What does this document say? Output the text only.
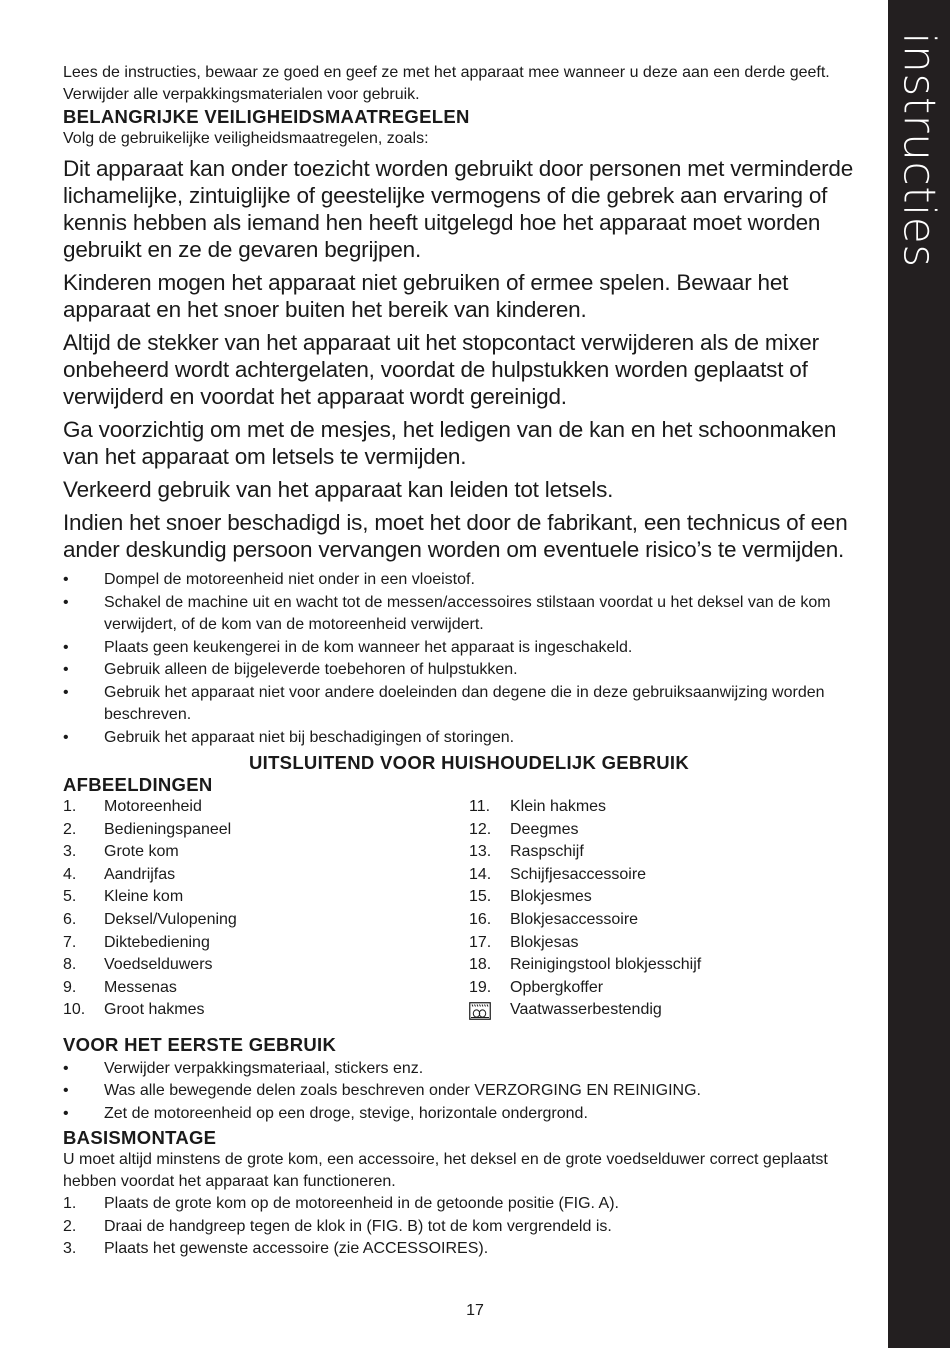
instructies

Lees de instructies, bewaar ze goed en geef ze met het apparaat mee wanneer u deze aan een derde geeft. Verwijder alle verpakkingsmaterialen voor gebruik.

BELANGRIJKE VEILIGHEIDSMAATREGELEN

Volg de gebruikelijke veiligheidsmaatregelen, zoals:

Dit apparaat kan onder toezicht worden gebruikt door personen met verminderde lichamelijke, zintuiglijke of geestelijke vermogens of die gebrek aan ervaring of kennis hebben als iemand hen heeft uitgelegd hoe het apparaat moet worden gebruikt en ze de gevaren begrijpen.

Kinderen mogen het apparaat niet gebruiken of ermee spelen. Bewaar het apparaat en het snoer buiten het bereik van kinderen.

Altijd de stekker van het apparaat uit het stopcontact verwijderen als de mixer onbeheerd wordt achtergelaten, voordat de hulpstukken worden geplaatst of verwijderd en voordat het apparaat wordt gereinigd.

Ga voorzichtig om met de mesjes, het ledigen van de kan en het schoonmaken van het apparaat om letsels te vermijden.

Verkeerd gebruik van het apparaat kan leiden tot letsels.

Indien het snoer beschadigd is, moet het door de fabrikant, een technicus of een ander deskundig persoon vervangen worden om eventuele risico’s te vermijden.

• Dompel de motoreenheid niet onder in een vloeistof.
• Schakel de machine uit en wacht tot de messen/accessoires stilstaan voordat u het deksel van de kom verwijdert, of de kom van de motoreenheid verwijdert.
• Plaats geen keukengerei in de kom wanneer het apparaat is ingeschakeld.
• Gebruik alleen de bijgeleverde toebehoren of hulpstukken.
• Gebruik het apparaat niet voor andere doeleinden dan degene die in deze gebruiksaanwijzing worden beschreven.
• Gebruik het apparaat niet bij beschadigingen of storingen.

UITSLUITEND VOOR HUISHOUDELIJK GEBRUIK

AFBEELDINGEN

1.	Motoreenheid
2.	Bedieningspaneel
3.	Grote kom
4.	Aandrijfas
5.	Kleine kom
6.	Deksel/Vulopening
7.	Diktebediening
8.	Voedselduwers
9.	Messenas
10.	Groot hakmes
11.	Klein hakmes
12.	Deegmes
13.	Raspschijf
14.	Schijfjesaccessoire
15.	Blokjesmes
16.	Blokjesaccessoire
17.	Blokjesas
18.	Reinigingstool blokjesschijf
19.	Opbergkoffer
Vaatwasserbestendig

VOOR HET EERSTE GEBRUIK

• Verwijder verpakkingsmateriaal, stickers enz.
• Was alle bewegende delen zoals beschreven onder VERZORGING EN REINIGING.
• Zet de motoreenheid op een droge, stevige, horizontale ondergrond.

BASISMONTAGE

U moet altijd minstens de grote kom, een accessoire, het deksel en de grote voedselduwer correct geplaatst hebben voordat het apparaat kan functioneren.

1.	Plaats de grote kom op de motoreenheid in de getoonde positie (FIG. A).
2.	Draai de handgreep tegen de klok in (FIG. B) tot de kom vergrendeld is.
3.	Plaats het gewenste accessoire (zie ACCESSOIRES).
17
